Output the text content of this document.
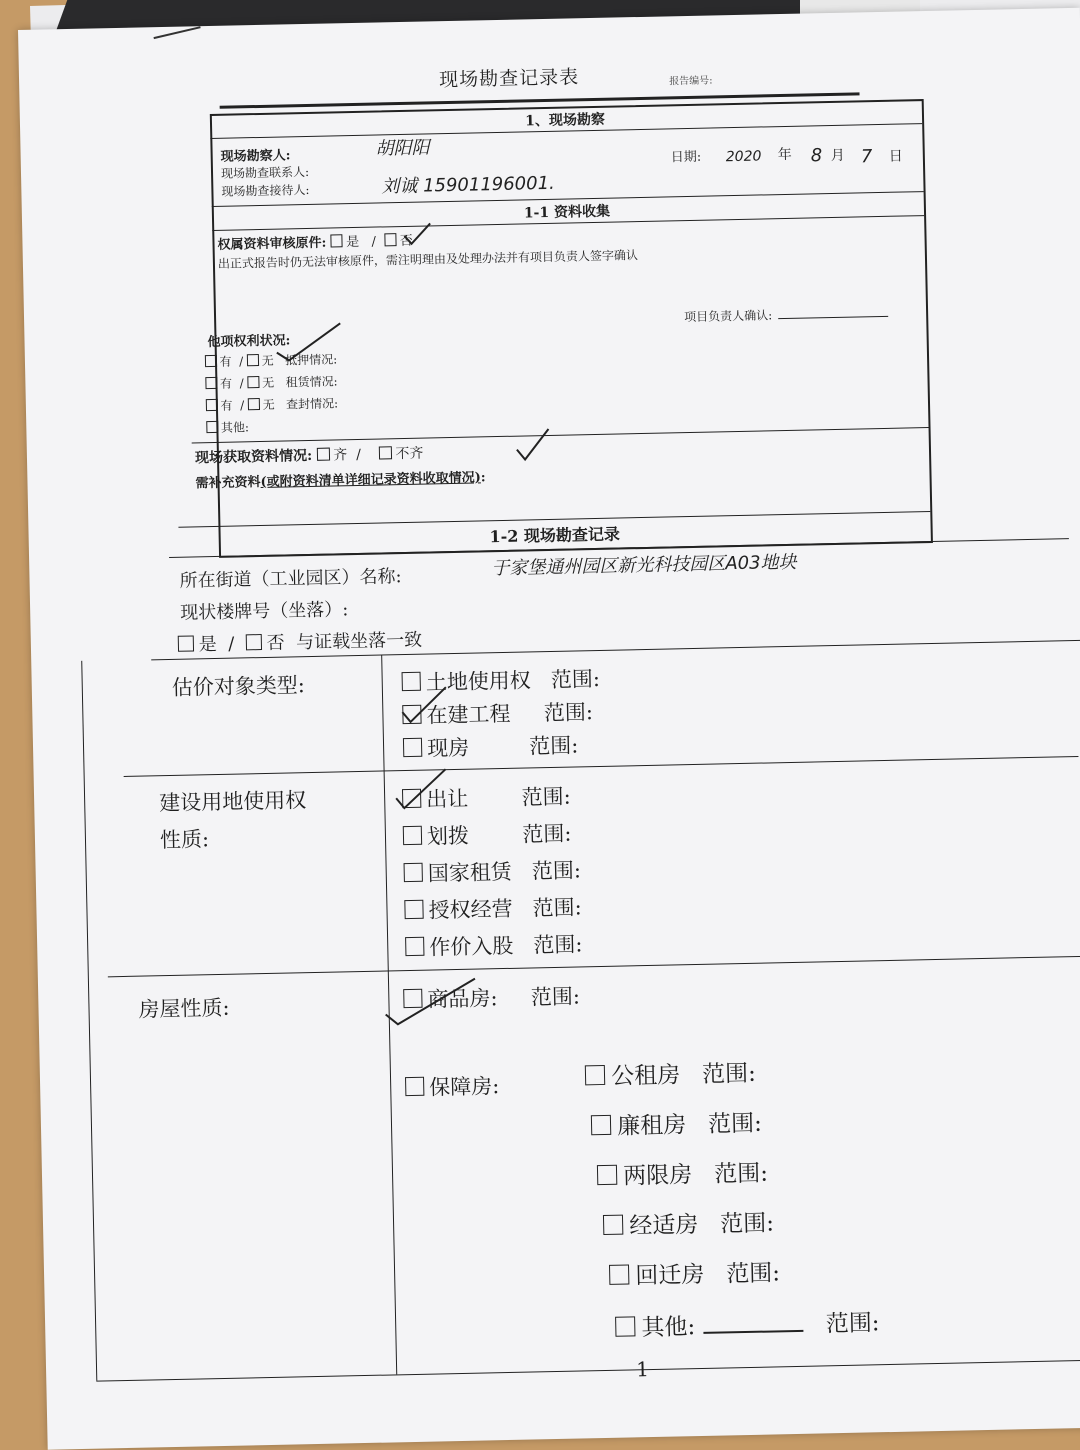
现场勘查记录表	报告编号:
1、现场勘察
现场勘察人:	胡阳阳
现场勘查联系人:
现场勘查接待人:	刘诚 15901196001.
日期: 2020 年 8 月 7 日
1-1 资料收集
权属资料审核原件: 是 / 否
出正式报告时仍无法审核原件，需注明理由及处理办法并有项目负责人签字确认
项目负责人确认:
他项权利状况:
有  / 无 抵押情况:
有  / 无 租赁情况:
有  / 无 查封情况:
其他:
现场获取资料情况: 齐  /    不齐
需补充资料(或附资料清单详细记录资料收取情况):
1-2 现场勘查记录
所在街道（工业园区）名称:	于家堡通州园区新光科技园区A03地块
现状楼牌号（坐落）:
是 / 否 与证载坐落一致
估价对象类型:	土地使用权 范围:
在建工程 范围:
现房	范围:
建设用地使用权
性质:
出让	范围:
划拨	范围:
国家租赁 范围:
授权经营 范围:
作价入股 范围:
房屋性质:	商品房: 范围:
保障房:	公租房 范围:
廉租房 范围:
两限房 范围:
经适房 范围:
回迁房 范围:
其他:	范围:
1
